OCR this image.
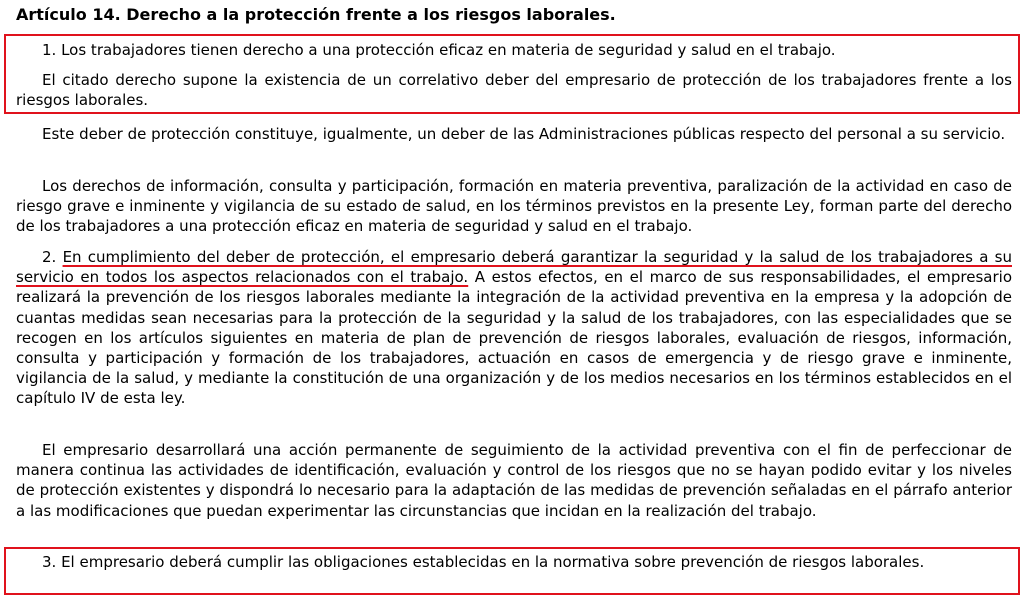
Artículo 14. Derecho a la protección frente a los riesgos laborales.

1. Los trabajadores tienen derecho a una protección eficaz en materia de seguridad y salud en el trabajo.

El citado derecho supone la existencia de un correlativo deber del empresario de protección de los trabajadores frente a los riesgos laborales.

Este deber de protección constituye, igualmente, un deber de las Administraciones públicas respecto del personal a su servicio.

Los derechos de información, consulta y participación, formación en materia preventiva, paralización de la actividad en caso de riesgo grave e inminente y vigilancia de su estado de salud, en los términos previstos en la presente Ley, forman parte del derecho de los trabajadores a una protección eficaz en materia de seguridad y salud en el trabajo.

2. En cumplimiento del deber de protección, el empresario deberá garantizar la seguridad y la salud de los trabajadores a su servicio en todos los aspectos relacionados con el trabajo. A estos efectos, en el marco de sus responsabilidades, el empresario realizará la prevención de los riesgos laborales mediante la integración de la actividad preventiva en la empresa y la adopción de cuantas medidas sean necesarias para la protección de la seguridad y la salud de los trabajadores, con las especialidades que se recogen en los artículos siguientes en materia de plan de prevención de riesgos laborales, evaluación de riesgos, información, consulta y participación y formación de los trabajadores, actuación en casos de emergencia y de riesgo grave e inminente, vigilancia de la salud, y mediante la constitución de una organización y de los medios necesarios en los términos establecidos en el capítulo IV de esta ley.

El empresario desarrollará una acción permanente de seguimiento de la actividad preventiva con el fin de perfeccionar de manera continua las actividades de identificación, evaluación y control de los riesgos que no se hayan podido evitar y los niveles de protección existentes y dispondrá lo necesario para la adaptación de las medidas de prevención señaladas en el párrafo anterior a las modificaciones que puedan experimentar las circunstancias que incidan en la realización del trabajo.

3. El empresario deberá cumplir las obligaciones establecidas en la normativa sobre prevención de riesgos laborales.
